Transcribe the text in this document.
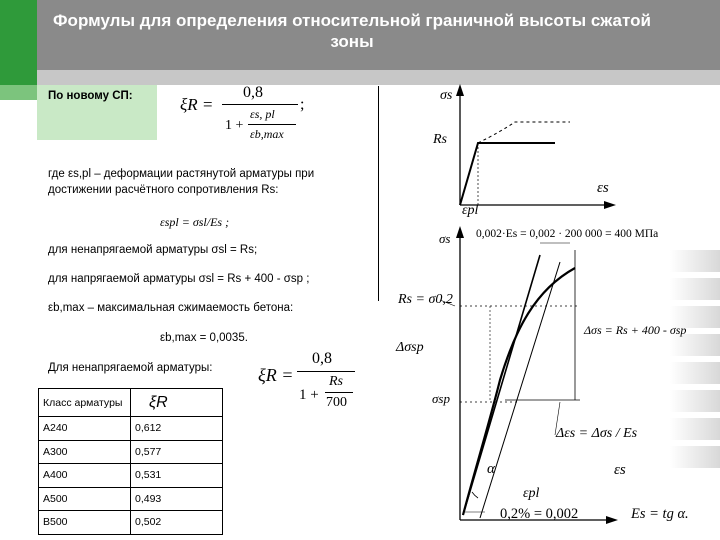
Формулы для определения относительной граничной высоты сжатой зоны
По новому СП:	ξR =
0,8
1 +
εs, pl
εb,max
;
где εs,pl – деформации растянутой арматуры при
достижении расчётного сопротивления Rs:
εspl = σsl/Es ;
для ненапрягаемой арматуры σsl = Rs;
для напрягаемой арматуры σsl = Rs + 400 - σsp ;
εb,max – максимальная сжимаемость бетона:
εb,max = 0,0035.
Для ненапрягаемой арматуры:	ξR =
0,8
1 +
Rs
700
Класс арматуры	ξR
А240	0,612
А300	0,577
А400	0,531
А500	0,493
В500	0,502
σs
Rs
εs
εpl
σs 0,002·Es = 0,002 · 200 000 = 400 МПа
Rs = σ0,2
Δσs = Rs + 400 - σsp
Δσsp
σsp
Δεs = Δσs / Es
α	εs
εpl
0,2% = 0,002	Es = tg α.
